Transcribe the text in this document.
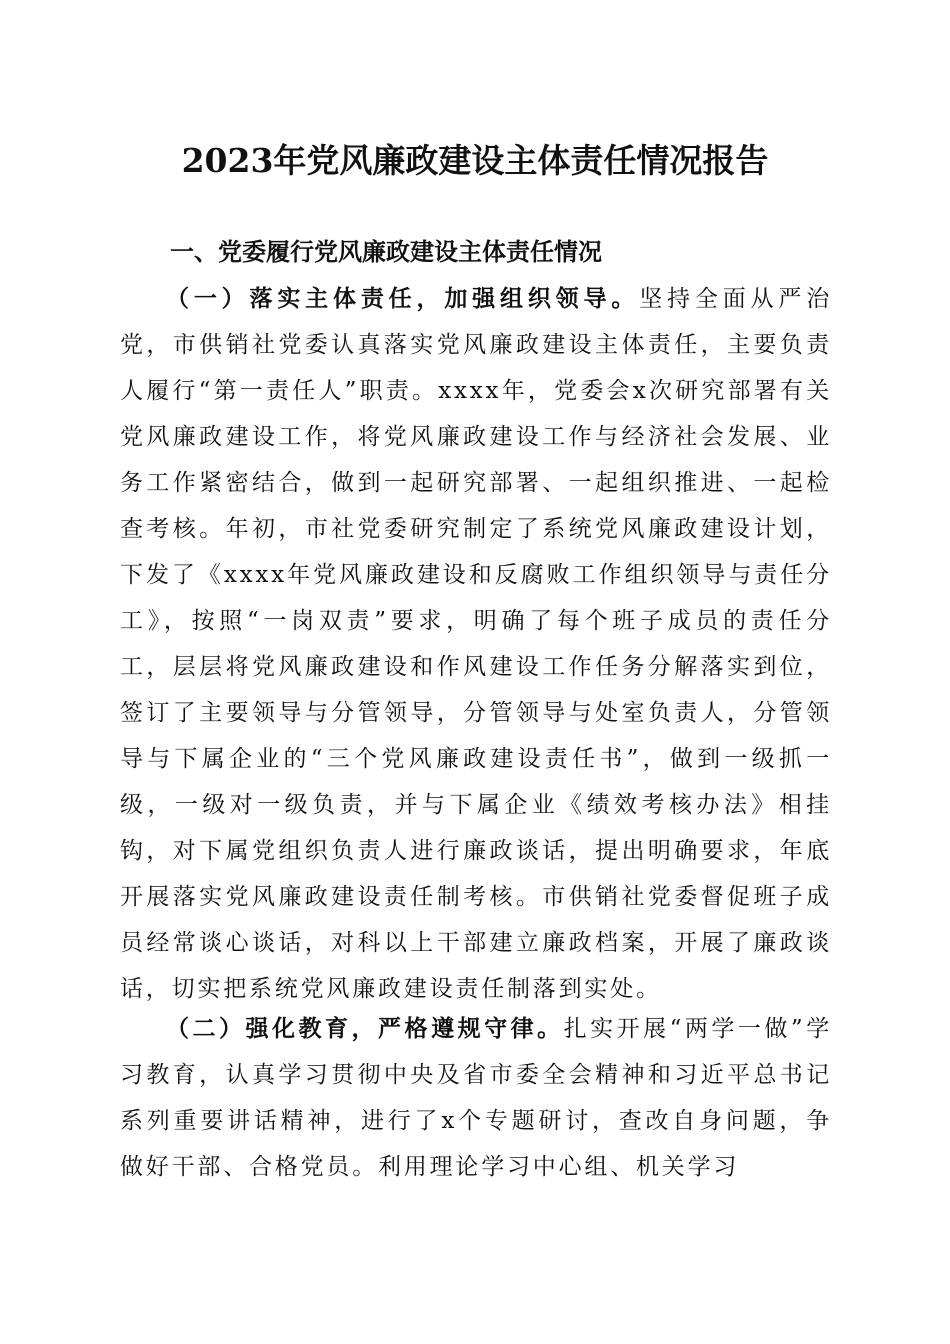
2023年党风廉政建设主体责任情况报告
一、党委履行党风廉政建设主体责任情况

（一）落实主体责任，加强组织领导。坚持全面从严治党，市供销社党委认真落实党风廉政建设主体责任，主要负责人履行“第一责任人”职责。xxxx年，党委会x次研究部署有关党风廉政建设工作，将党风廉政建设工作与经济社会发展、业务工作紧密结合，做到一起研究部署、一起组织推进、一起检查考核。年初，市社党委研究制定了系统党风廉政建设计划，下发了《xxxx年党风廉政建设和反腐败工作组织领导与责任分工》，按照“一岗双责”要求，明确了每个班子成员的责任分工，层层将党风廉政建设和作风建设工作任务分解落实到位，签订了主要领导与分管领导，分管领导与处室负责人，分管领导与下属企业的“三个党风廉政建设责任书”，做到一级抓一级，一级对一级负责，并与下属企业《绩效考核办法》相挂钩，对下属党组织负责人进行廉政谈话，提出明确要求，年底开展落实党风廉政建设责任制考核。市供销社党委督促班子成员经常谈心谈话，对科以上干部建立廉政档案，开展了廉政谈话，切实把系统党风廉政建设责任制落到实处。

（二）强化教育，严格遵规守律。扎实开展“两学一做”学习教育，认真学习贯彻中央及省市委全会精神和习近平总书记系列重要讲话精神，进行了x个专题研讨，查改自身问题，争做好干部、合格党员。利用理论学习中心组、机关学习
